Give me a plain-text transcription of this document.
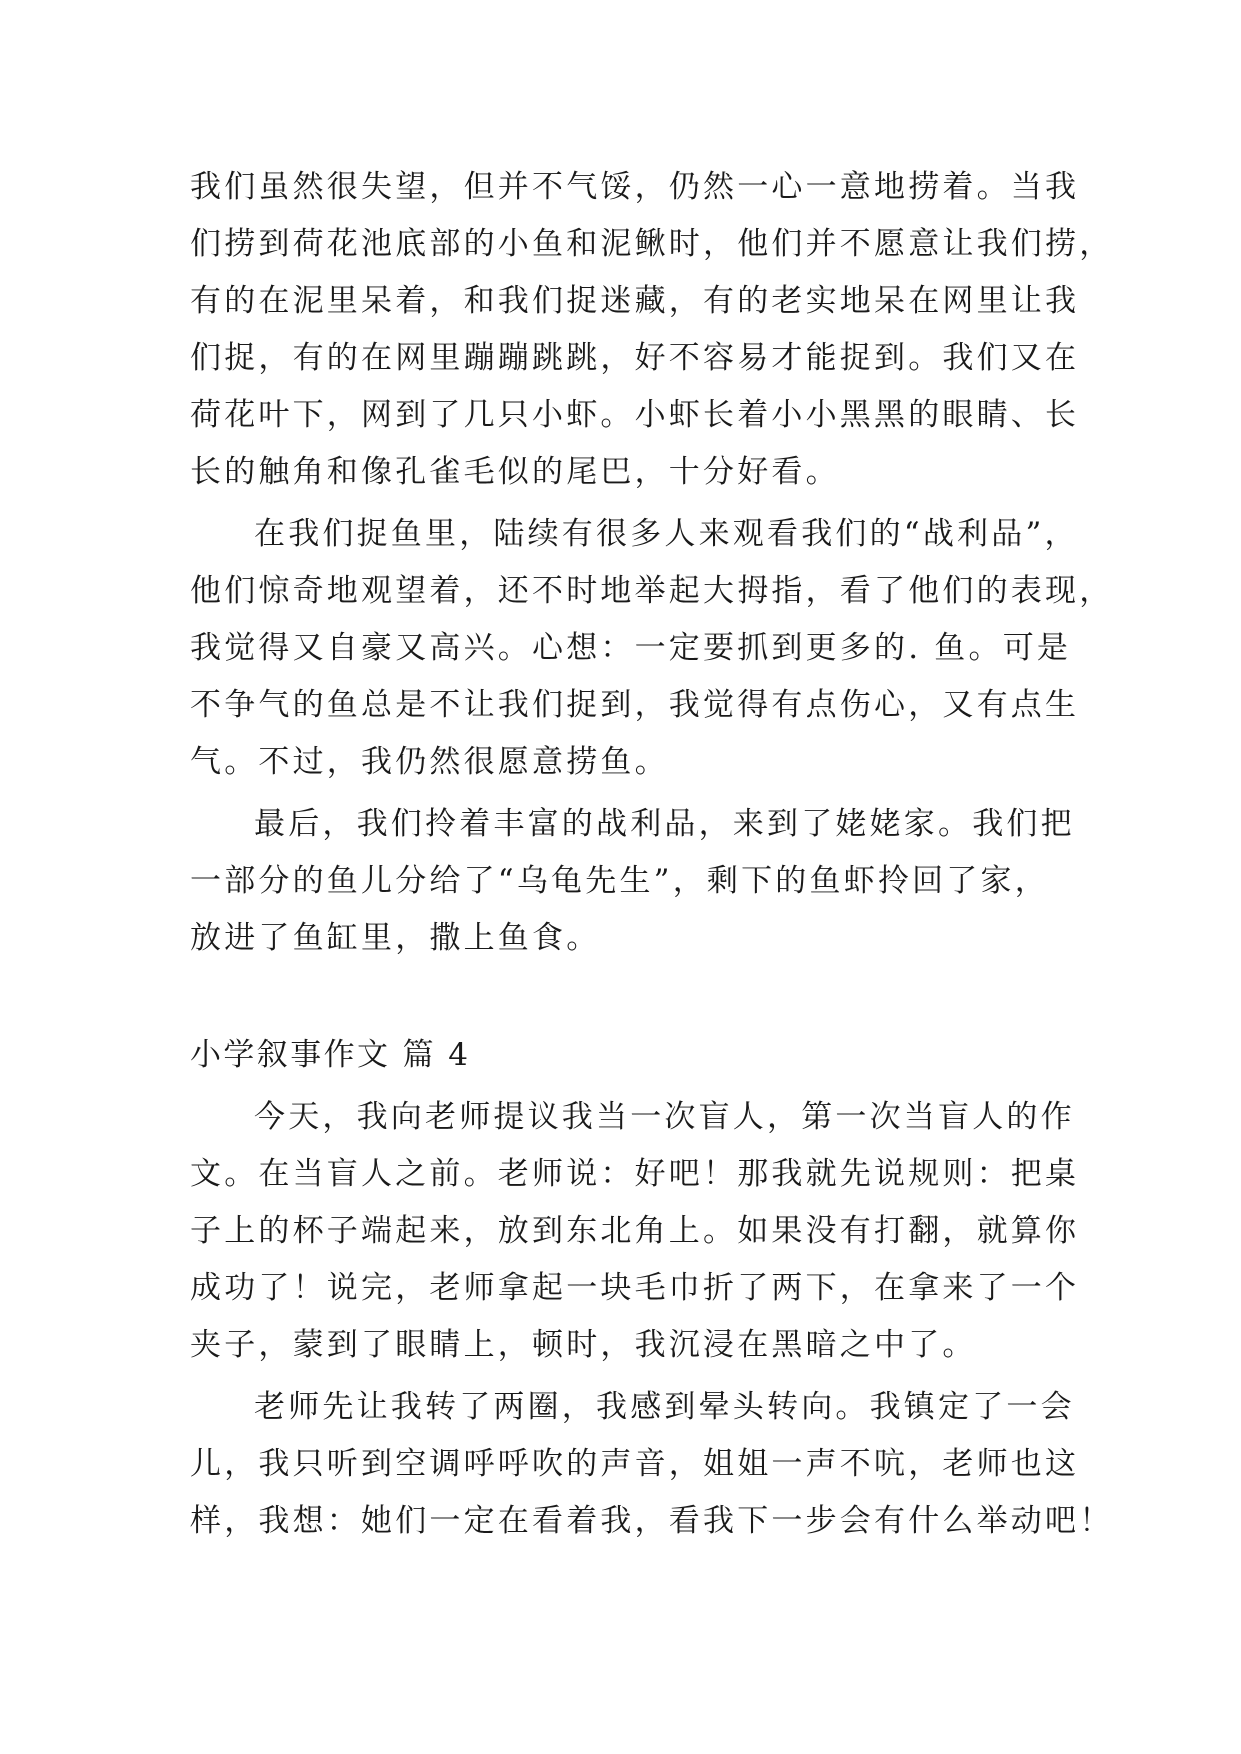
我们虽然很失望，但并不气馁，仍然一心一意地捞着。当我
们捞到荷花池底部的小鱼和泥鳅时，他们并不愿意让我们捞，
有的在泥里呆着，和我们捉迷藏，有的老实地呆在网里让我
们捉，有的在网里蹦蹦跳跳，好不容易才能捉到。我们又在
荷花叶下，网到了几只小虾。小虾长着小小黑黑的眼睛、长
长的触角和像孔雀毛似的尾巴，十分好看。
在我们捉鱼里，陆续有很多人来观看我们的“战利品”，
他们惊奇地观望着，还不时地举起大拇指，看了他们的表现，
我觉得又自豪又高兴。心想：一定要抓到更多的. 鱼。可是
不争气的鱼总是不让我们捉到，我觉得有点伤心，又有点生
气。不过，我仍然很愿意捞鱼。
最后，我们拎着丰富的战利品，来到了姥姥家。我们把
一部分的鱼儿分给了“乌龟先生”，剩下的鱼虾拎回了家，
放进了鱼缸里，撒上鱼食。
小学叙事作文 篇 4
今天，我向老师提议我当一次盲人，第一次当盲人的作
文。在当盲人之前。老师说：好吧！那我就先说规则：把桌
子上的杯子端起来，放到东北角上。如果没有打翻，就算你
成功了！说完，老师拿起一块毛巾折了两下，在拿来了一个
夹子，蒙到了眼睛上，顿时，我沉浸在黑暗之中了。
老师先让我转了两圈，我感到晕头转向。我镇定了一会
儿，我只听到空调呼呼吹的声音，姐姐一声不吭，老师也这
样，我想：她们一定在看着我，看我下一步会有什么举动吧！
